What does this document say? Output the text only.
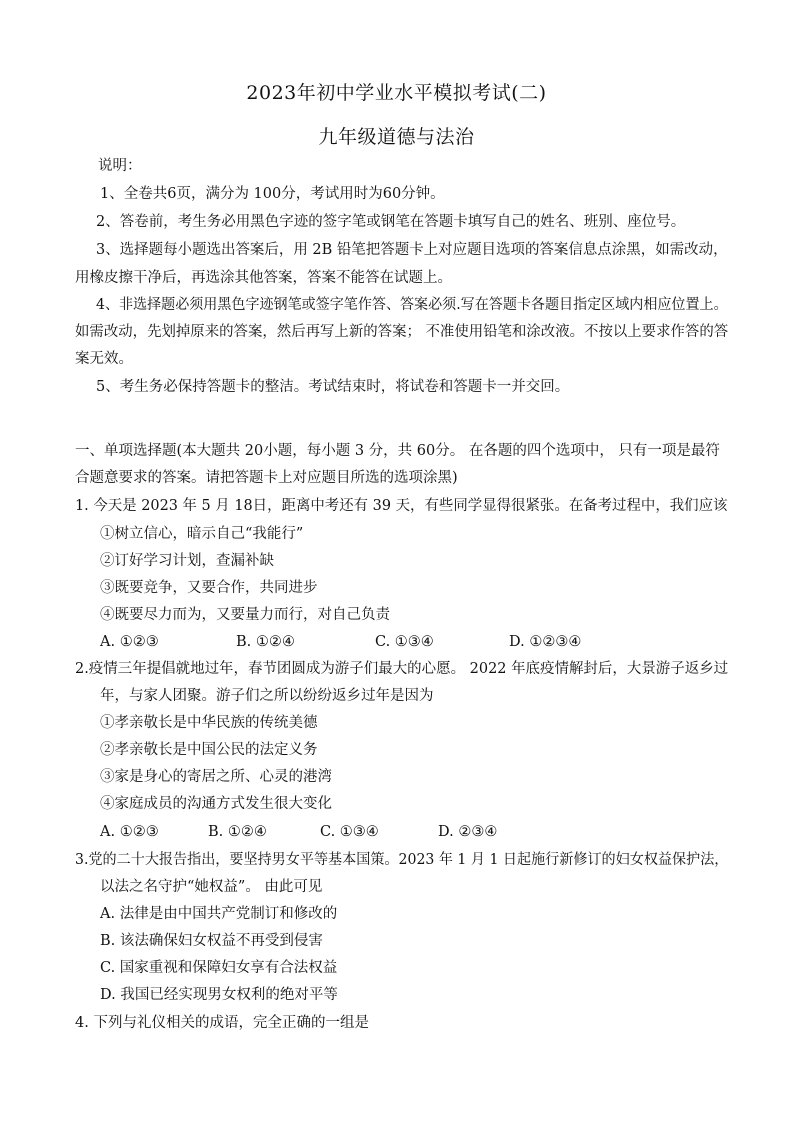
2023年初中学业水平模拟考试(二)
九年级道德与法治
说明：
1、全卷共6页，满分为 100分，考试用时为60分钟。
2、答卷前，考生务必用黑色字迹的签字笔或钢笔在答题卡填写自己的姓名、班别、座位号。
3、选择题每小题选出答案后，用 2B 铅笔把答题卡上对应题目选项的答案信息点涂黑，如需改动，
用橡皮擦干净后，再选涂其他答案，答案不能答在试题上。
4、非选择题必须用黑色字迹钢笔或签字笔作答、答案必须.写在答题卡各题目指定区域内相应位置上。
如需改动，先划掉原来的答案，然后再写上新的答案； 不准使用铅笔和涂改液。不按以上要求作答的答
案无效。
5、考生务必保持答题卡的整洁。考试结束时，将试卷和答题卡一并交回。
一、单项选择题(本大题共 20小题，每小题 3 分，共 60分。 在各题的四个选项中， 只有一项是最符
合题意要求的答案。请把答题卡上对应题目所选的选项涂黑)
1. 今天是 2023 年 5 月 18日，距离中考还有 39 天，有些同学显得很紧张。在备考过程中，我们应该
①树立信心，暗示自己“我能行”
②订好学习计划，查漏补缺
③既要竞争，又要合作，共同进步
④既要尽力而为，又要量力而行，对自己负责
A. ①②③	B. ①②④	C. ①③④	D. ①②③④
2.疫情三年提倡就地过年，春节团圆成为游子们最大的心愿。 2022 年底疫情解封后，大景游子返乡过
年，与家人团聚。游子们之所以纷纷返乡过年是因为
①孝亲敬长是中华民族的传统美德
②孝亲敬长是中国公民的法定义务
③家是身心的寄居之所、心灵的港湾
④家庭成员的沟通方式发生很大变化
A. ①②③	B. ①②④	C. ①③④	D. ②③④
3.党的二十大报告指出，要坚持男女平等基本国策。2023 年 1 月 1 日起施行新修订的妇女权益保护法，
以法之名守护“她权益”。 由此可见
A. 法律是由中国共产党制订和修改的
B. 该法确保妇女权益不再受到侵害
C. 国家重视和保障妇女享有合法权益
D. 我国已经实现男女权利的绝对平等
4. 下列与礼仪相关的成语，完全正确的一组是
